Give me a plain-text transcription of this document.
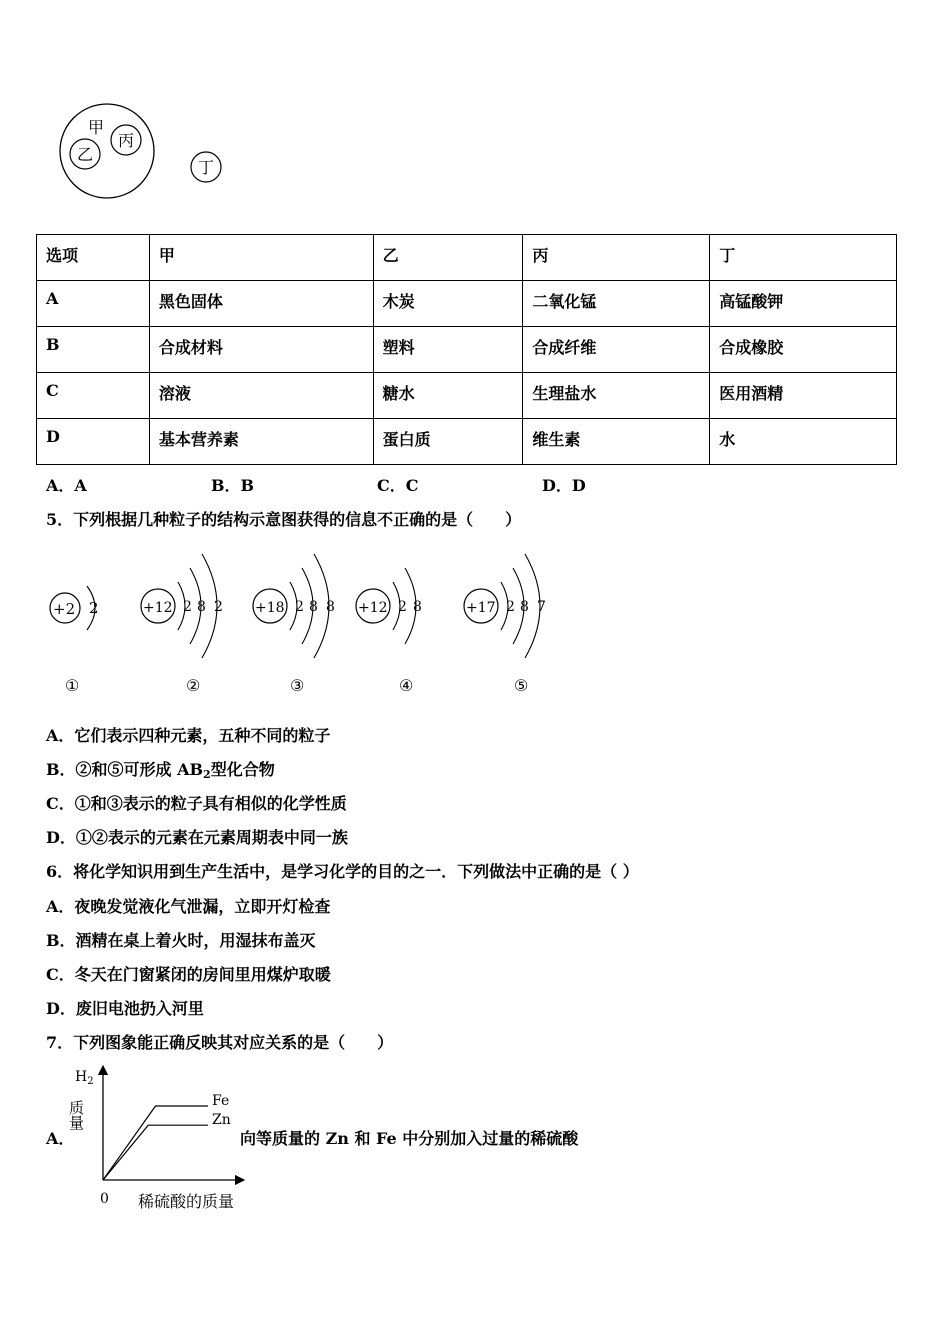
甲
乙
丙
丁
选项	甲	乙	丙	丁
A	黑色固体	木炭	二氧化锰	高锰酸钾
B	合成材料	塑料	合成纤维	合成橡胶
C	溶液	糖水	生理盐水	医用酒精
D	基本营养素	蛋白质	维生素	水
A．A	B．B	C．C	D．D
5．下列根据几种粒子的结构示意图获得的信息不正确的是（　　）
+2 2
①
+12 2 8 2
②
+18 2 8 8
③
+12 2 8
④
+17 2 8 7
⑤
A．它们表示四种元素，五种不同的粒子
B．②和⑤可形成 $AB_2$型化合物
C．①和③表示的粒子具有相似的化学性质
D．①②表示的元素在元素周期表中同一族
6．将化学知识用到生产生活中，是学习化学的目的之一．下列做法中正确的是（ ）
A．夜晚发觉液化气泄漏，立即开灯检查
B．酒精在桌上着火时，用湿抹布盖灭
C．冬天在门窗紧闭的房间里用煤炉取暖
D．废旧电池扔入河里
7．下列图象能正确反映其对应关系的是（　　）
A．
$H_2$
质量	Fe
Zn
0 稀硫酸的质量
向等质量的 Zn 和 Fe 中分别加入过量的稀硫酸
